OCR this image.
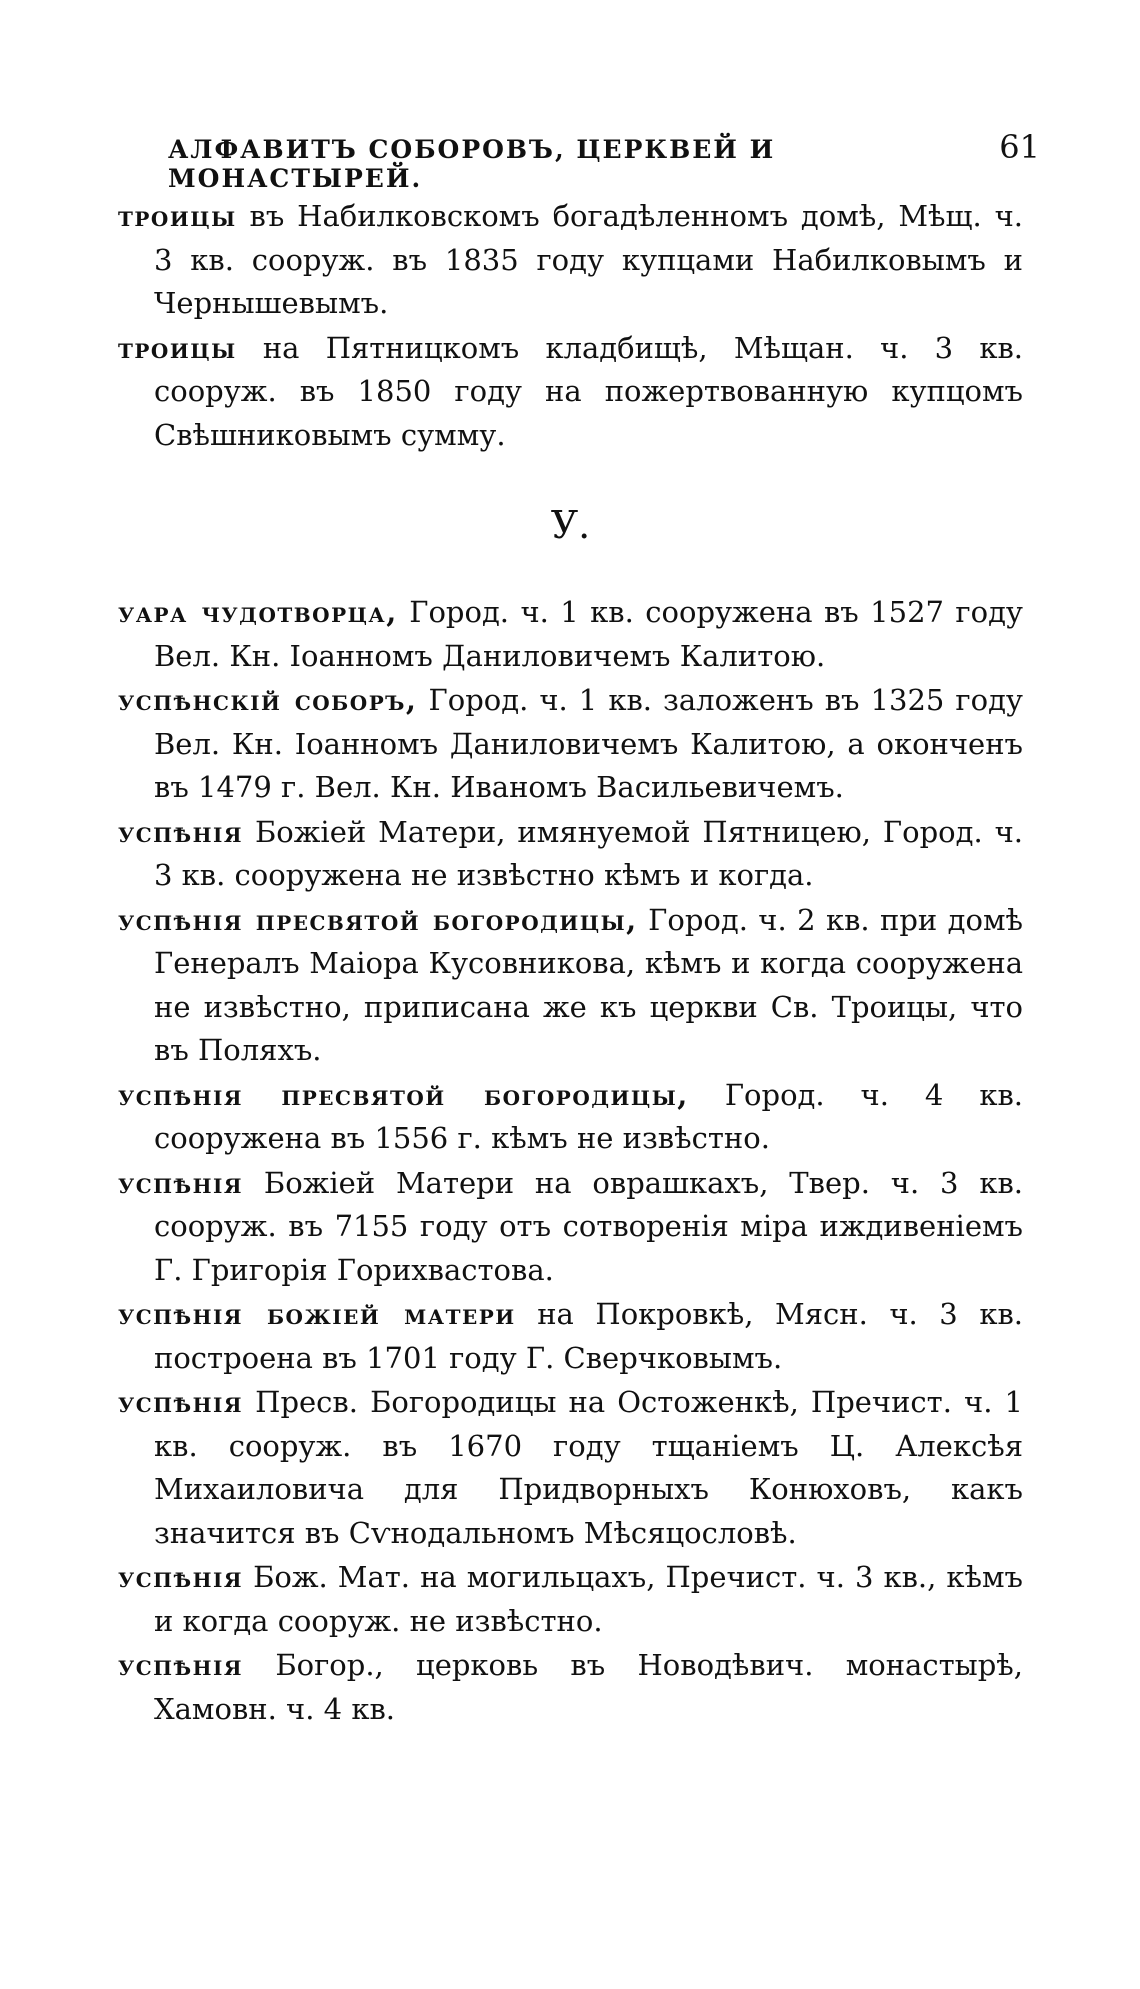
АЛФАВИТЪ СОБОРОВЪ, ЦЕРКВЕЙ И МОНАСТЫРЕЙ.
61
троицы въ Набилковскомъ богадѣленномъ домѣ, Мѣщ. ч. 3 кв. сооруж. въ 1835 году купцами Набилковымъ и Чернышевымъ.
троицы на Пятницкомъ кладбищѣ, Мѣщан. ч. 3 кв. сооруж. въ 1850 году на пожертвованную купцомъ Свѣшниковымъ сумму.
У.
уара чудотворца, Город. ч. 1 кв. сооружена въ 1527 году Вел. Кн. Іоанномъ Даниловичемъ Калитою.
успѣнскій соборъ, Город. ч. 1 кв. заложенъ въ 1325 году Вел. Кн. Іоанномъ Даниловичемъ Калитою, а оконченъ въ 1479 г. Вел. Кн. Иваномъ Васильевичемъ.
успѣнія Божіей Матери, имянуемой Пятницею, Город. ч. 3 кв. сооружена не извѣстно кѣмъ и когда.
успѣнія пресвятой богородицы, Город. ч. 2 кв. при домѣ Генералъ Маіора Кусовникова, кѣмъ и когда сооружена не извѣстно, приписана же къ церкви Св. Троицы, что въ Поляхъ.
успѣнія пресвятой богородицы, Город. ч. 4 кв. сооружена въ 1556 г. кѣмъ не извѣстно.
успѣнія Божіей Матери на оврашкахъ, Твер. ч. 3 кв. сооруж. въ 7155 году отъ сотворенія міра иждивеніемъ Г. Григорія Горихвастова.
успѣнія божіей матери на Покровкѣ, Мясн. ч. 3 кв. построена въ 1701 году Г. Сверчковымъ.
успѣнія Пресв. Богородицы на Остоженкѣ, Пречист. ч. 1 кв. сооруж. въ 1670 году тщаніемъ Ц. Алексѣя Михаиловича для Придворныхъ Конюховъ, какъ значится въ Сѵнодальномъ Мѣсяцословѣ.
успѣнія Бож. Мат. на могильцахъ, Пречист. ч. 3 кв., кѣмъ и когда сооруж. не извѣстно.
успѣнія Богор., церковь въ Новодѣвич. монастырѣ, Хамовн. ч. 4 кв.
